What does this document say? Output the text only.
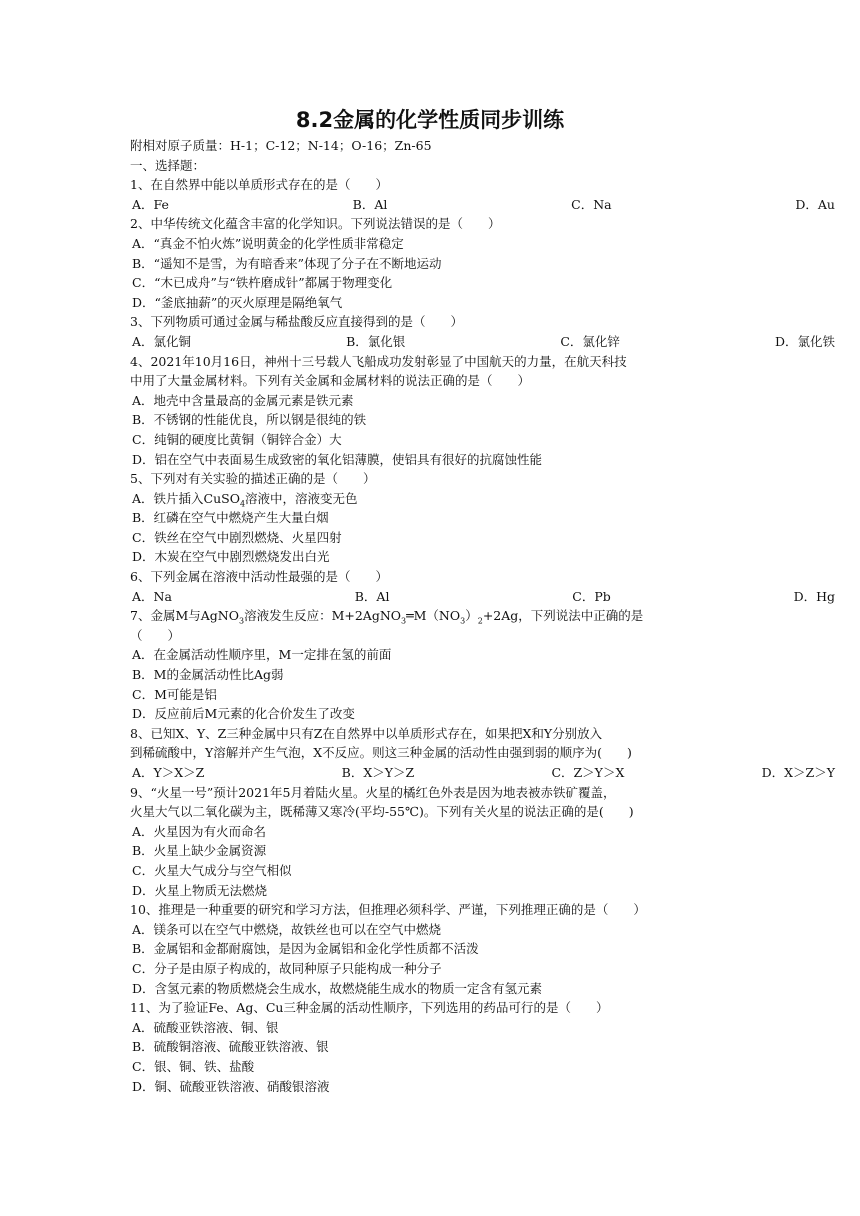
8.2金属的化学性质同步训练
附相对原子质量：H-1；C-12；N-14；O-16；Zn-65
一、选择题：
1、在自然界中能以单质形式存在的是（　　）
A．Fe	B．Al	C．Na	D．Au
2、中华传统文化蕴含丰富的化学知识。下列说法错误的是（　　）
A．“真金不怕火炼”说明黄金的化学性质非常稳定
B．“遥知不是雪，为有暗香来”体现了分子在不断地运动
C．“木已成舟”与“铁杵磨成针”都属于物理变化
D．“釜底抽薪”的灭火原理是隔绝氧气
3、下列物质可通过金属与稀盐酸反应直接得到的是（　　）
A．氯化铜	B．氯化银	C．氯化锌	D．氯化铁
4、2021年10月16日，神州十三号载人飞船成功发射彰显了中国航天的力量，在航天科技
中用了大量金属材料。下列有关金属和金属材料的说法正确的是（　　）
A．地壳中含量最高的金属元素是铁元素
B．不锈钢的性能优良，所以钢是很纯的铁
C．纯铜的硬度比黄铜（铜锌合金）大
D．铝在空气中表面易生成致密的氧化铝薄膜，使铝具有很好的抗腐蚀性能
5、下列对有关实验的描述正确的是（　　）
A．铁片插入CuSO$_4$溶液中，溶液变无色
B．红磷在空气中燃烧产生大量白烟
C．铁丝在空气中剧烈燃烧、火星四射
D．木炭在空气中剧烈燃烧发出白光
6、下列金属在溶液中活动性最强的是（　　）
A．Na	B．Al	C．Pb	D．Hg
7、金属M与AgNO$_3$溶液发生反应：$M+2AgNO_3═M(NO_3)_2+2Ag$，下列说法中正确的是
（　　）
A．在金属活动性顺序里，M一定排在氢的前面
B．M的金属活动性比Ag弱
C．M可能是铝
D．反应前后M元素的化合价发生了改变
8、已知X、Y、Z三种金属中只有Z在自然界中以单质形式存在，如果把X和Y分别放入
到稀硫酸中，Y溶解并产生气泡，X不反应。则这三种金属的活动性由强到弱的顺序为(　　)
A．Y＞X＞Z	B．X＞Y＞Z	C．Z＞Y＞X	D．X＞Z＞Y
9、“火星一号”预计2021年5月着陆火星。火星的橘红色外表是因为地表被赤铁矿覆盖，
火星大气以二氧化碳为主，既稀薄又寒冷(平均-55℃)。下列有关火星的说法正确的是(　　)
A．火星因为有火而命名
B．火星上缺少金属资源
C．火星大气成分与空气相似
D．火星上物质无法燃烧
10、推理是一种重要的研究和学习方法，但推理必须科学、严谨，下列推理正确的是（　　）
A．镁条可以在空气中燃烧，故铁丝也可以在空气中燃烧
B．金属铝和金都耐腐蚀，是因为金属铝和金化学性质都不活泼
C．分子是由原子构成的，故同种原子只能构成一种分子
D．含氢元素的物质燃烧会生成水，故燃烧能生成水的物质一定含有氢元素
11、为了验证Fe、Ag、Cu三种金属的活动性顺序，下列选用的药品可行的是（　　）
A．硫酸亚铁溶液、铜、银
B．硫酸铜溶液、硫酸亚铁溶液、银
C．银、铜、铁、盐酸
D．铜、硫酸亚铁溶液、硝酸银溶液
